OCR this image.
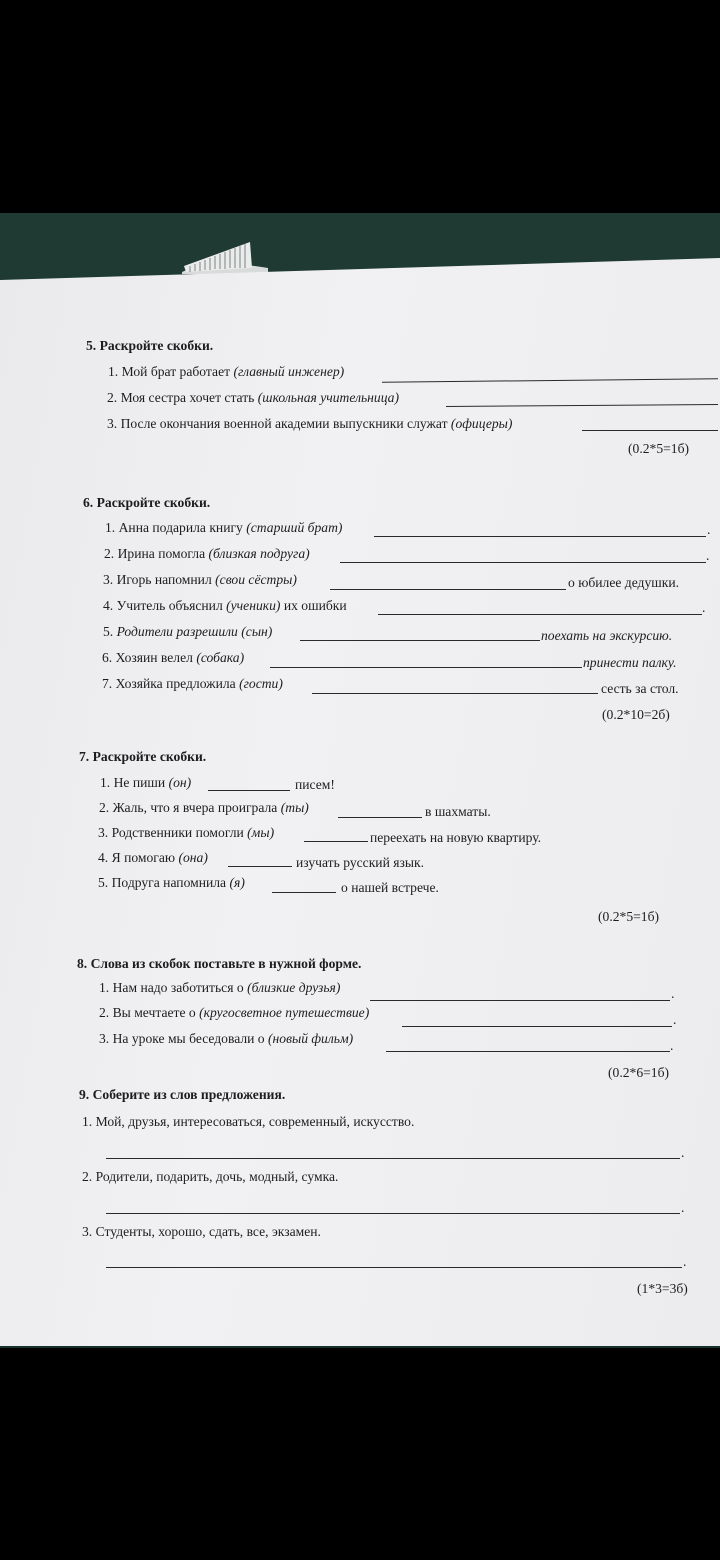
5. Раскройте скобки.
1. Мой брат работает (главный инженер)
2. Моя сестра хочет стать (школьная учительница)
3. После окончания военной академии выпускники служат (офицеры)
(0.2*5=1б)
6. Раскройте скобки.
1. Анна подарила книгу (старший брат)	.
2. Ирина помогла (близкая подруга)	.
3. Игорь напомнил (свои сёстры)	о юбилее дедушки.
4. Учитель объяснил (ученики) их ошибки	.
5. Родители разрешили (сын)	поехать на экскурсию.
6. Хозяин велел (собака)	принести палку.
7. Хозяйка предложила (гости)	сесть за стол.
(0.2*10=2б)
7. Раскройте скобки.
1. Не пиши (он)	писем!
2. Жаль, что я вчера проиграла (ты)	в шахматы.
3. Родственники помогли (мы)	переехать на новую квартиру.
4. Я помогаю (она)	изучать русский язык.
5. Подруга напомнила (я)	о нашей встрече.
(0.2*5=1б)
8. Слова из скобок поставьте в нужной форме.
1. Нам надо заботиться о (близкие друзья)	.
2. Вы мечтаете о (кругосветное путешествие)	.
3. На уроке мы беседовали о (новый фильм)	.
(0.2*6=1б)
9. Соберите из слов предложения.
1. Мой, друзья, интересоваться, современный, искусство.
.
2. Родители, подарить, дочь, модный, сумка.
.
3. Студенты, хорошо, сдать, все, экзамен.
.
(1*3=3б)
